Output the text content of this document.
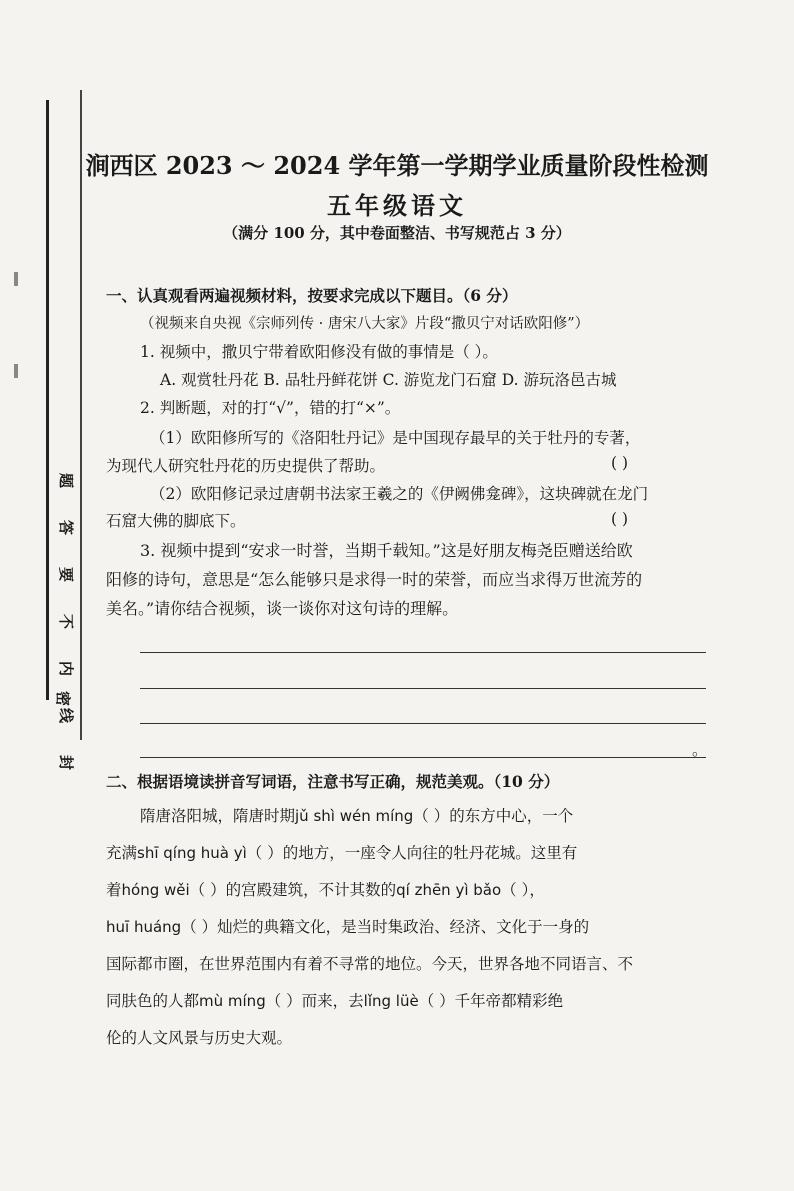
题
答
要
不
内
线
封
密
涧西区 2023 ～ 2024 学年第一学期学业质量阶段性检测
五年级语文
（满分 100 分，其中卷面整洁、书写规范占 3 分）
一、认真观看两遍视频材料，按要求完成以下题目。（6 分）
（视频来自央视《宗师列传 · 唐宋八大家》片段“撒贝宁对话欧阳修”）
1. 视频中，撒贝宁带着欧阳修没有做的事情是（ ）。
A. 观赏牡丹花 B. 品牡丹鲜花饼 C. 游览龙门石窟 D. 游玩洛邑古城
2. 判断题，对的打“√”，错的打“×”。
（1）欧阳修所写的《洛阳牡丹记》是中国现存最早的关于牡丹的专著，
为现代人研究牡丹花的历史提供了帮助。	( )
（2）欧阳修记录过唐朝书法家王羲之的《伊阙佛龛碑》，这块碑就在龙门
石窟大佛的脚底下。	( )
3. 视频中提到“安求一时誉，当期千载知。”这是好朋友梅尧臣赠送给欧
阳修的诗句，意思是“怎么能够只是求得一时的荣誉，而应当求得万世流芳的
美名。”请你结合视频，谈一谈你对这句诗的理解。
。
二、根据语境读拼音写词语，注意书写正确，规范美观。（10 分）
隋唐洛阳城，隋唐时期jǔ shì wén míng（ ）的东方中心，一个
充满shī qíng huà yì（ ）的地方，一座令人向往的牡丹花城。这里有
着hóng wěi（ ）的宫殿建筑，不计其数的qí zhēn yì bǎo（ ），
huī huáng（ ）灿烂的典籍文化，是当时集政治、经济、文化于一身的
国际都市圈，在世界范围内有着不寻常的地位。今天，世界各地不同语言、不
同肤色的人都mù míng（ ）而来，去lǐng lüè（ ）千年帝都精彩绝
伦的人文风景与历史大观。
